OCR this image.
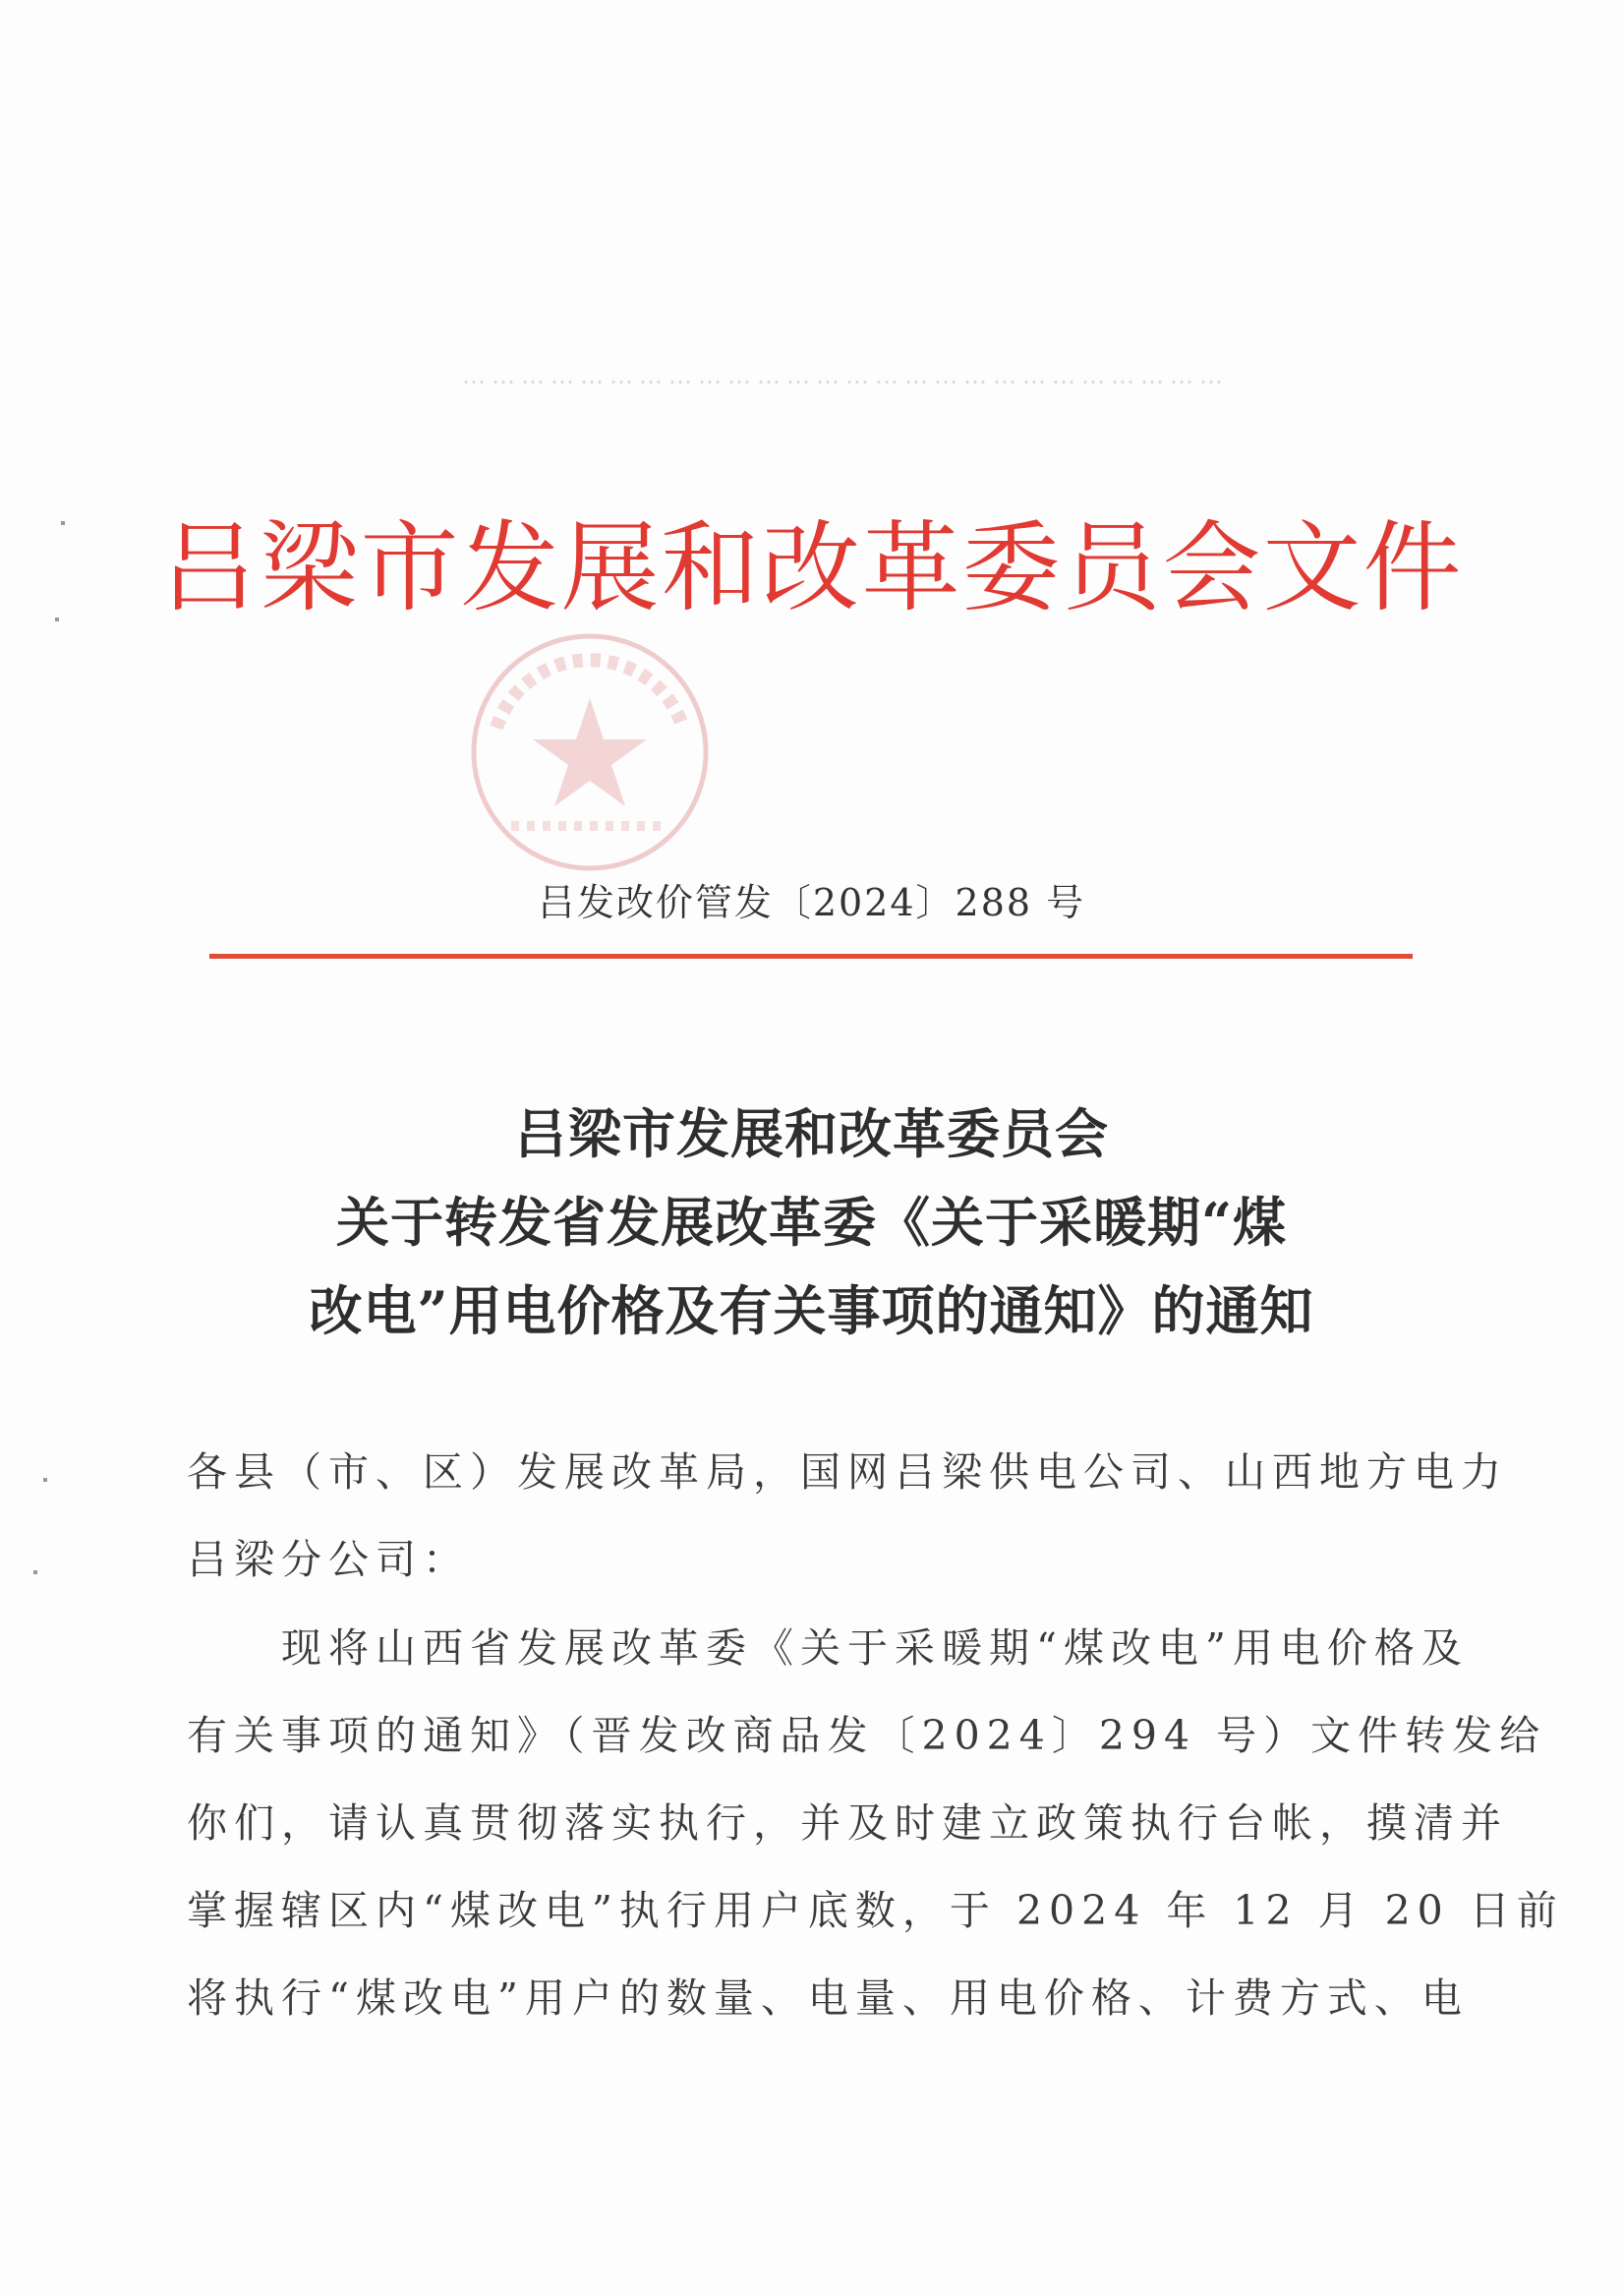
……………………………………………………………………
吕梁市发展和改革委员会文件
吕发改价管发〔2024〕288 号
吕梁市发展和改革委员会
关于转发省发展改革委《关于采暖期“煤
改电”用电价格及有关事项的通知》的通知
各县（市、区）发展改革局，国网吕梁供电公司、山西地方电力
吕梁分公司：
　　现将山西省发展改革委《关于采暖期“煤改电”用电价格及
有关事项的通知》（晋发改商品发〔2024〕294 号）文件转发给
你们，请认真贯彻落实执行，并及时建立政策执行台帐，摸清并
掌握辖区内“煤改电”执行用户底数，于 2024 年 12 月 20 日前
将执行“煤改电”用户的数量、电量、用电价格、计费方式、电
